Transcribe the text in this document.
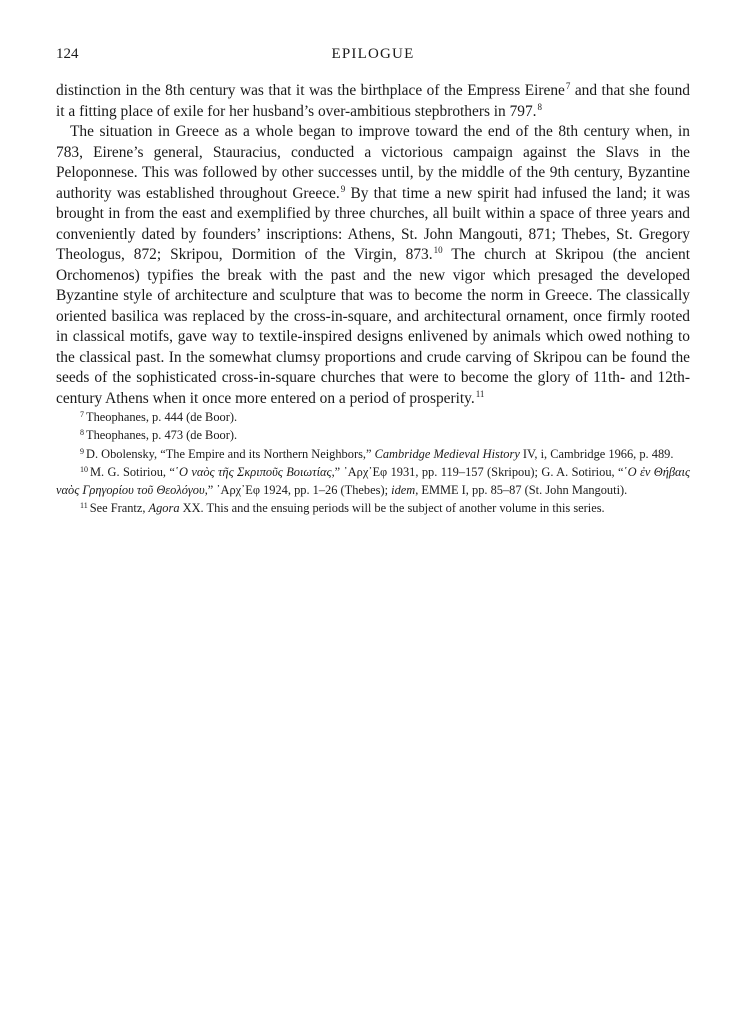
124	EPILOGUE

distinction in the 8th century was that it was the birthplace of the Empress Eirene$^7$ and that she found it a fitting place of exile for her husband’s over-ambitious stepbrothers in 797.$^8$

The situation in Greece as a whole began to improve toward the end of the 8th century when, in 783, Eirene’s general, Stauracius, conducted a victorious campaign against the Slavs in the Peloponnese. This was followed by other successes until, by the middle of the 9th century, Byzantine authority was established throughout Greece.$^9$ By that time a new spirit had infused the land; it was brought in from the east and exemplified by three churches, all built within a space of three years and conveniently dated by founders’ inscriptions: Athens, St. John Mangouti, 871; Thebes, St. Gregory Theologus, 872; Skripou, Dormition of the Virgin, 873.10 The church at Skripou (the ancient Orchomenos) typifies the break with the past and the new vigor which presaged the developed Byzantine style of architecture and sculpture that was to become the norm in Greece. The classically oriented basilica was replaced by the cross-in-square, and architectural ornament, once firmly rooted in classical motifs, gave way to textile-inspired designs enlivened by animals which owed nothing to the classical past. In the somewhat clumsy proportions and crude carving of Skripou can be found the seeds of the sophisticated cross-in-square churches that were to become the glory of 11th- and 12th-century Athens when it once more entered on a period of prosperity.$^{11}$

$^7$ Theophanes, p. 444 (de Boor).

$^8$ Theophanes, p. 473 (de Boor).

$^9$ D. Obolensky, “The Empire and its Northern Neighbors,” Cambridge Medieval History IV, i, Cambridge 1966, p. 489.

$^{10}$ M. G. Sotiriou, “῾Ο ναὸς τῆς Σκριποῦς Βοιωτίας,” ᾿Αρχ᾿Εφ 1931, pp. 119–157 (Skripou); G. A. Sotiriou, “῾Ο ἐν Θήβαις ναὸς Γρηγορίου τοῦ Θεολόγου,” ᾿Αρχ᾿Εφ 1924, pp. 1–26 (Thebes); idem, EMME I, pp. 85–87 (St. John Mangouti).

$^{11}$ See Frantz, Agora XX. This and the ensuing periods will be the subject of another volume in this series.
